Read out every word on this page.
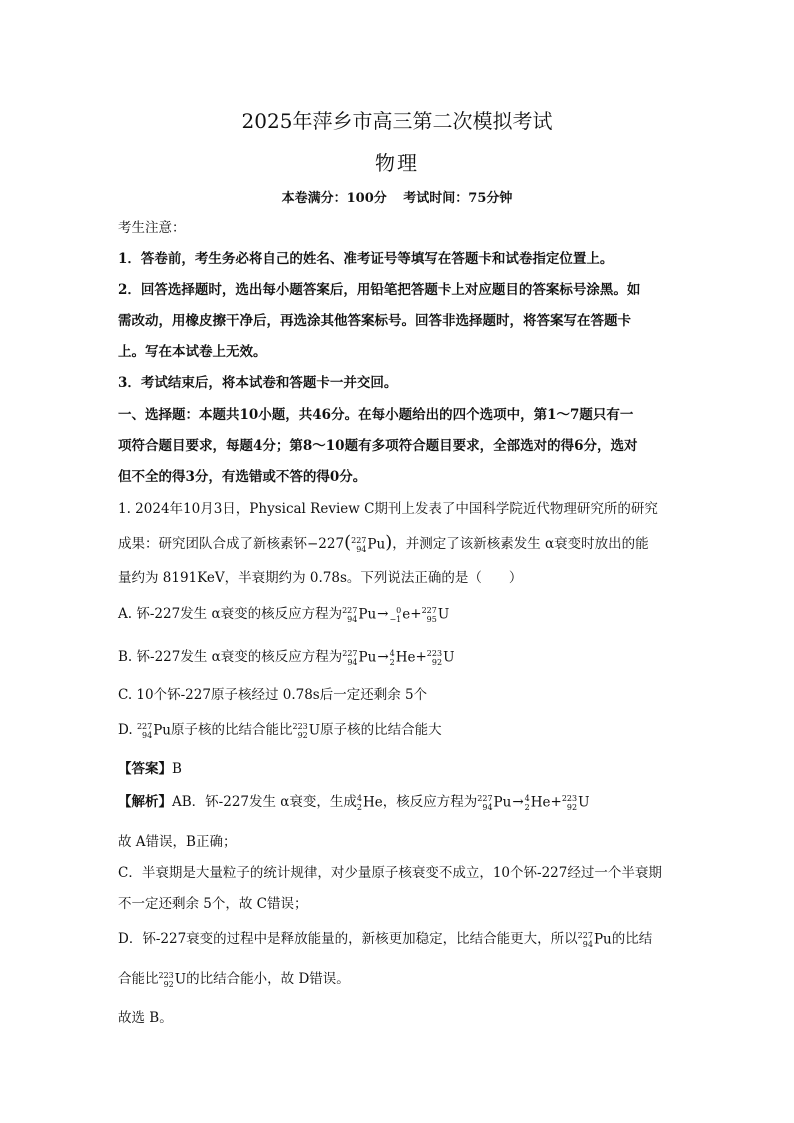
2025年萍乡市高三第二次模拟考试
物理
本卷满分：100分 考试时间：75分钟
考生注意：
1．答卷前，考生务必将自己的姓名、准考证号等填写在答题卡和试卷指定位置上。
2．回答选择题时，选出每小题答案后，用铅笔把答题卡上对应题目的答案标号涂黑。如
需改动，用橡皮擦干净后，再选涂其他答案标号。回答非选择题时，将答案写在答题卡
上。写在本试卷上无效。
3．考试结束后，将本试卷和答题卡一并交回。
一、选择题：本题共10小题，共46分。在每小题给出的四个选项中，第1～7题只有一
项符合题目要求，每题4分；第8～10题有多项符合题目要求，全部选对的得6分，选对
但不全的得3分，有选错或不答的得0分。
1. 2024年10月3日，Physical Review C期刊上发表了中国科学院近代物理研究所的研究
成果：研究团队合成了新核素钚−227( 227
94 Pu)，并测定了该新核素发生 α衰变时放出的能
量约为 8191KeV，半衰期约为 0.78s。下列说法正确的是（　　）
A. 钚-227发生 α衰变的核反应方程为 227
94 Pu→ 0
−1 e+ 227
95 U
B. 钚-227发生 α衰变的核反应方程为 227
94 Pu→ 4
2 He+ 223
92 U
C. 10个钚-227原子核经过 0.78s后一定还剩余 5个
D. 227
94 Pu原子核的比结合能比 223
92 U原子核的比结合能大
【答案】B
【解析】AB．钚-227发生 α衰变，生成 4
2 He，核反应方程为 227
94 Pu→ 4
2 He+ 223
92 U
故 A错误，B正确；
C．半衰期是大量粒子的统计规律，对少量原子核衰变不成立，10个钚-227经过一个半衰期
不一定还剩余 5个，故 C错误；
D．钚-227衰变的过程中是释放能量的，新核更加稳定，比结合能更大，所以 227
94 Pu的比结
合能比 223
92 U的比结合能小，故 D错误。
故选 B。
